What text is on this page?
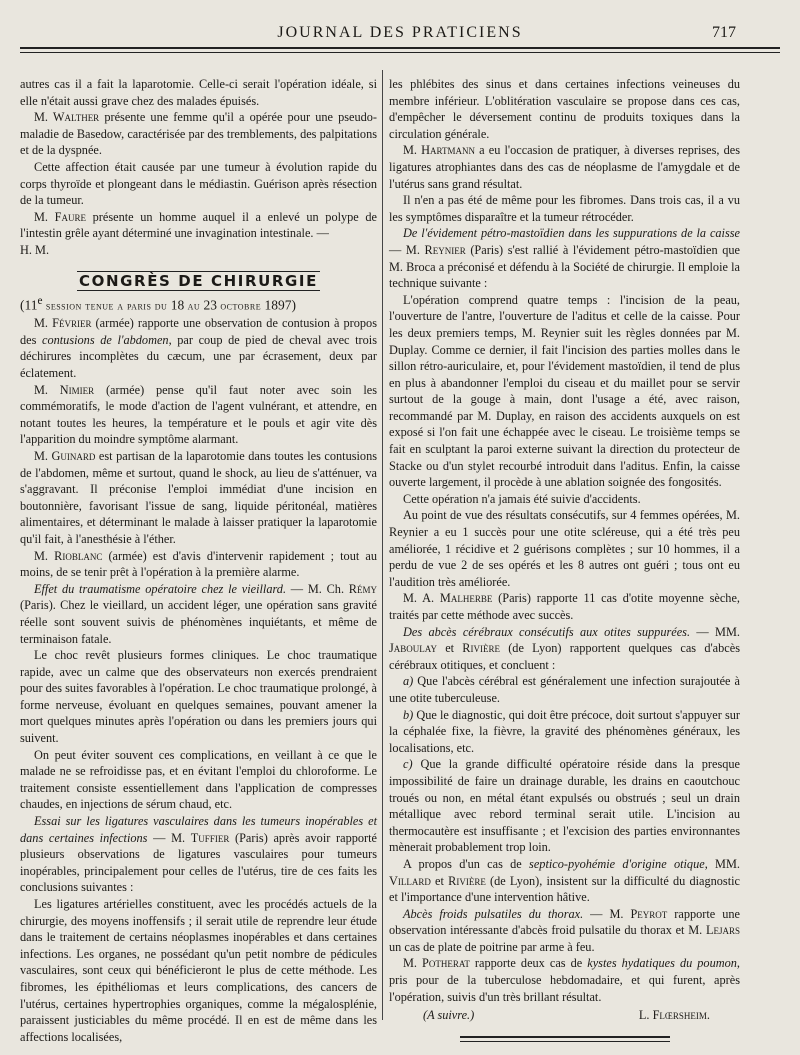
JOURNAL DES PRATICIENS	717

autres cas il a fait la laparotomie. Celle-ci serait l'opération idéale, si elle n'était aussi grave chez des malades épuisés.

M. Walther présente une femme qu'il a opérée pour une pseudo-maladie de Basedow, caractérisée par des tremblements, des palpitations et de la dyspnée.

Cette affection était causée par une tumeur à évolution rapide du corps thyroïde et plongeant dans le médiastin. Guérison après résection de la tumeur.

M. Faure présente un homme auquel il a enlevé un polype de l'intestin grêle ayant déterminé une invagination intestinale. —

H. M.

CONGRÈS DE CHIRURGIE

(11e session tenue a paris du 18 au 23 octobre 1897)

M. Février (armée) rapporte une observation de contusion à propos des contusions de l'abdomen, par coup de pied de cheval avec trois déchirures incomplètes du cæcum, une par écrasement, deux par éclatement.

M. Nimier (armée) pense qu'il faut noter avec soin les commémoratifs, le mode d'action de l'agent vulnérant, et attendre, en notant toutes les heures, la température et le pouls et agir vite dès l'apparition du moindre symptôme alarmant.

M. Guinard est partisan de la laparotomie dans toutes les contusions de l'abdomen, même et surtout, quand le shock, au lieu de s'atténuer, va s'aggravant. Il préconise l'emploi immédiat d'une incision en boutonnière, favorisant l'issue de sang, liquide péritonéal, matières alimentaires, et déterminant le malade à laisser pratiquer la laparotomie qu'il fait, à l'anesthésie à l'éther.

M. Rioblanc (armée) est d'avis d'intervenir rapidement ; tout au moins, de se tenir prêt à l'opération à la première alarme.

Effet du traumatisme opératoire chez le vieillard. — M. Ch. Rémy (Paris). Chez le vieillard, un accident léger, une opération sans gravité réelle sont souvent suivis de phénomènes inquiétants, et même de terminaison fatale.

Le choc revêt plusieurs formes cliniques. Le choc traumatique rapide, avec un calme que des observateurs non exercés prendraient pour des suites favorables à l'opération. Le choc traumatique prolongé, à forme nerveuse, évoluant en quelques semaines, pouvant amener la mort quelques minutes après l'opération ou dans les premiers jours qui suivent.

On peut éviter souvent ces complications, en veillant à ce que le malade ne se refroidisse pas, et en évitant l'emploi du chloroforme. Le traitement consiste essentiellement dans l'application de compresses chaudes, en injections de sérum chaud, etc.

Essai sur les ligatures vasculaires dans les tumeurs inopérables et dans certaines infections — M. Tuffier (Paris) après avoir rapporté plusieurs observations de ligatures vasculaires pour tumeurs inopérables, principalement pour celles de l'utérus, tire de ces faits les conclusions suivantes :

Les ligatures artérielles constituent, avec les procédés actuels de la chirurgie, des moyens inoffensifs ; il serait utile de reprendre leur étude dans le traitement de certains néoplasmes inopérables et dans certaines infections. Les organes, ne possédant qu'un petit nombre de pédicules vasculaires, sont ceux qui bénéficieront le plus de cette méthode. Les fibromes, les épithéliomas et leurs complications, des cancers de l'utérus, certaines hypertrophies organiques, comme la mégalosplénie, paraissent justiciables du même procédé. Il en est de même dans les affections localisées,

les phlébites des sinus et dans certaines infections veineuses du membre inférieur. L'oblitération vasculaire se propose dans ces cas, d'empêcher le déversement continu de produits toxiques dans la circulation générale.

M. Hartmann a eu l'occasion de pratiquer, à diverses reprises, des ligatures atrophiantes dans des cas de néoplasme de l'amygdale et de l'utérus sans grand résultat.

Il n'en a pas été de même pour les fibromes. Dans trois cas, il a vu les symptômes disparaître et la tumeur rétrocéder.

De l'évidement pétro-mastoïdien dans les suppurations de la caisse — M. Reynier (Paris) s'est rallié à l'évidement pétro-mastoïdien que M. Broca a préconisé et défendu à la Société de chirurgie. Il emploie la technique suivante :

L'opération comprend quatre temps : l'incision de la peau, l'ouverture de l'antre, l'ouverture de l'aditus et celle de la caisse. Pour les deux premiers temps, M. Reynier suit les règles données par M. Duplay. Comme ce dernier, il fait l'incision des parties molles dans le sillon rétro-auriculaire, et, pour l'évidement mastoïdien, il tend de plus en plus à abandonner l'emploi du ciseau et du maillet pour se servir surtout de la gouge à main, dont l'usage a été, avec raison, recommandé par M. Duplay, en raison des accidents auxquels on est exposé si l'on fait une échappée avec le ciseau. Le troisième temps se fait en sculptant la paroi externe suivant la direction du protecteur de Stacke ou d'un stylet recourbé introduit dans l'aditus. Enfin, la caisse ouverte largement, il procède à une ablation soignée des fongosités.

Cette opération n'a jamais été suivie d'accidents.

Au point de vue des résultats consécutifs, sur 4 femmes opérées, M. Reynier a eu 1 succès pour une otite scléreuse, qui a été très peu améliorée, 1 récidive et 2 guérisons complètes ; sur 10 hommes, il a perdu de vue 2 de ses opérés et les 8 autres ont guéri ; tous ont eu l'audition très améliorée.

M. A. Malherbe (Paris) rapporte 11 cas d'otite moyenne sèche, traités par cette méthode avec succès.

Des abcès cérébraux consécutifs aux otites suppurées. — MM. Jaboulay et Rivière (de Lyon) rapportent quelques cas d'abcès cérébraux otitiques, et concluent :

a) Que l'abcès cérébral est généralement une infection surajoutée à une otite tuberculeuse.

b) Que le diagnostic, qui doit être précoce, doit surtout s'appuyer sur la céphalée fixe, la fièvre, la gravité des phénomènes généraux, les localisations, etc.

c) Que la grande difficulté opératoire réside dans la presque impossibilité de faire un drainage durable, les drains en caoutchouc troués ou non, en métal étant expulsés ou obstrués ; seul un drain métallique avec rebord terminal serait utile. L'incision au thermocautère est insuffisante ; et l'excision des parties environnantes mènerait probablement trop loin.

A propos d'un cas de septico-pyohémie d'origine otique, MM. Villard et Rivière (de Lyon), insistent sur la difficulté du diagnostic et l'importance d'une intervention hâtive.

Abcès froids pulsatiles du thorax. — M. Peyrot rapporte une observation intéressante d'abcès froid pulsatile du thorax et M. Lejars un cas de plate de poitrine par arme à feu.

M. Potherat rapporte deux cas de kystes hydatiques du poumon, pris pour de la tuberculose hebdomadaire, et qui furent, après l'opération, suivis d'un très brillant résultat.

(A suivre.)	L. Flœrsheim.
